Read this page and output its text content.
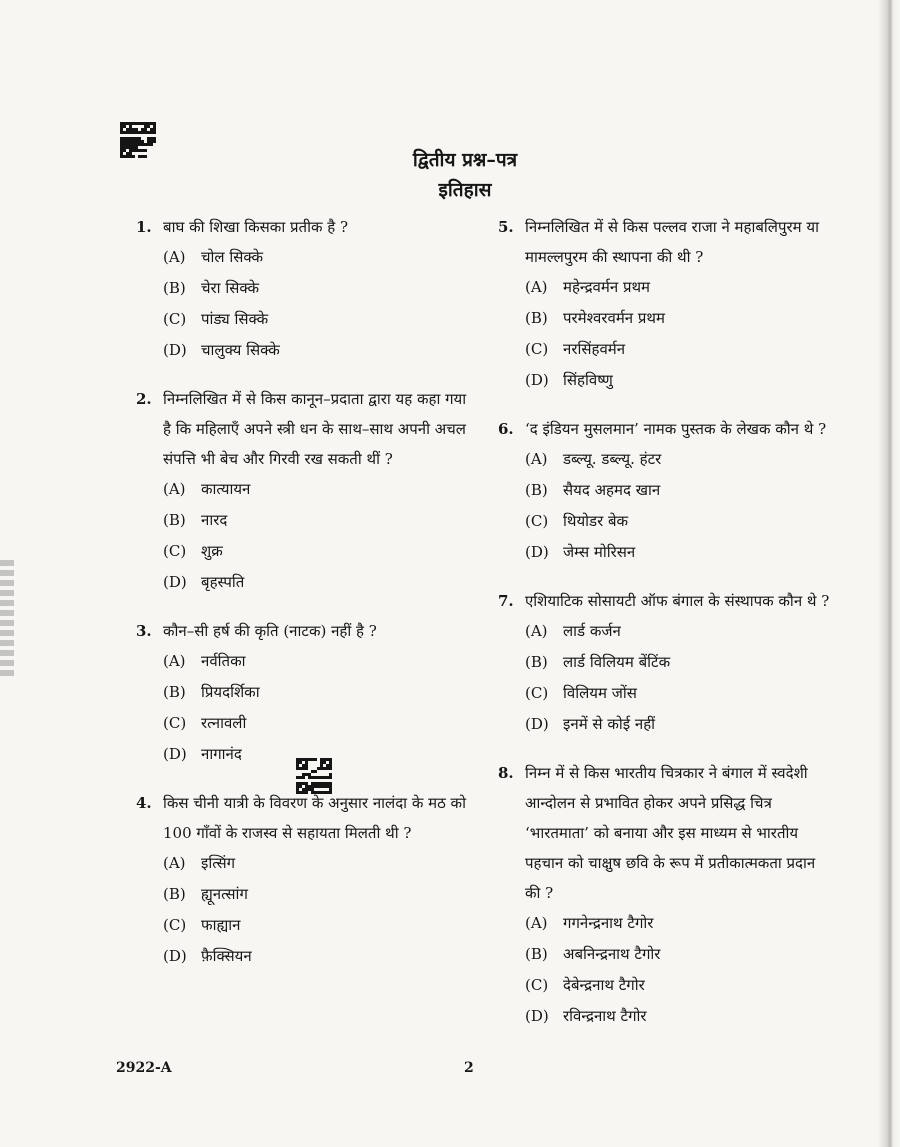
द्वितीय प्रश्न–पत्र
इतिहास
1. बाघ की शिखा किसका प्रतीक है ?
(A)	चोल सिक्के
(B)	चेरा सिक्के
(C) पांड्य सिक्के
(D) चालुक्य सिक्के
2. निम्नलिखित में से किस कानून–प्रदाता द्वारा यह कहा गया है कि महिलाएँ अपने स्त्री धन के साथ–साथ अपनी अचल संपत्ति भी बेच और गिरवी रख सकती थीं ?
(A)	कात्यायन
(B)	नारद
(C) शुक्र
(D) बृहस्पति
3. कौन–सी हर्ष की कृति (नाटक) नहीं है ?
(A)	नर्वतिका
(B)	प्रियदर्शिका
(C) रत्नावली
(D) नागानंद
4. किस चीनी यात्री के विवरण के अनुसार नालंदा के मठ को 100 गाँवों के राजस्व से सहायता मिलती थी ?
(A)	इत्सिंग
(B)	ह्यूनत्सांग
(C) फाह्यान
(D) फ़ैक्सियन
5. निम्नलिखित में से किस पल्लव राजा ने महाबलिपुरम या मामल्लपुरम की स्थापना की थी ?
(A)	महेन्द्रवर्मन प्रथम
(B)	परमेश्वरवर्मन प्रथम
(C) नरसिंहवर्मन
(D) सिंहविष्णु
6. ‘द इंडियन मुसलमान’ नामक पुस्तक के लेखक कौन थे ?
(A)	डब्ल्यू. डब्ल्यू. हंटर
(B)	सैयद अहमद खान
(C) थियोडर बेक
(D) जेम्स मोरिसन
7. एशियाटिक सोसायटी ऑफ बंगाल के संस्थापक कौन थे ?
(A)	लार्ड कर्जन
(B)	लार्ड विलियम बेंटिंक
(C) विलियम जोंस
(D) इनमें से कोई नहीं
8. निम्न में से किस भारतीय चित्रकार ने बंगाल में स्वदेशी आन्दोलन से प्रभावित होकर अपने प्रसिद्ध चित्र ‘भारतमाता’ को बनाया और इस माध्यम से भारतीय पहचान को चाक्षुष छवि के रूप में प्रतीकात्मकता प्रदान की ?
(A)	गगनेन्द्रनाथ टैगोर
(B)	अबनिन्द्रनाथ टैगोर
(C) देबेन्द्रनाथ टैगोर
(D) रविन्द्रनाथ टैगोर
2922-A	2
